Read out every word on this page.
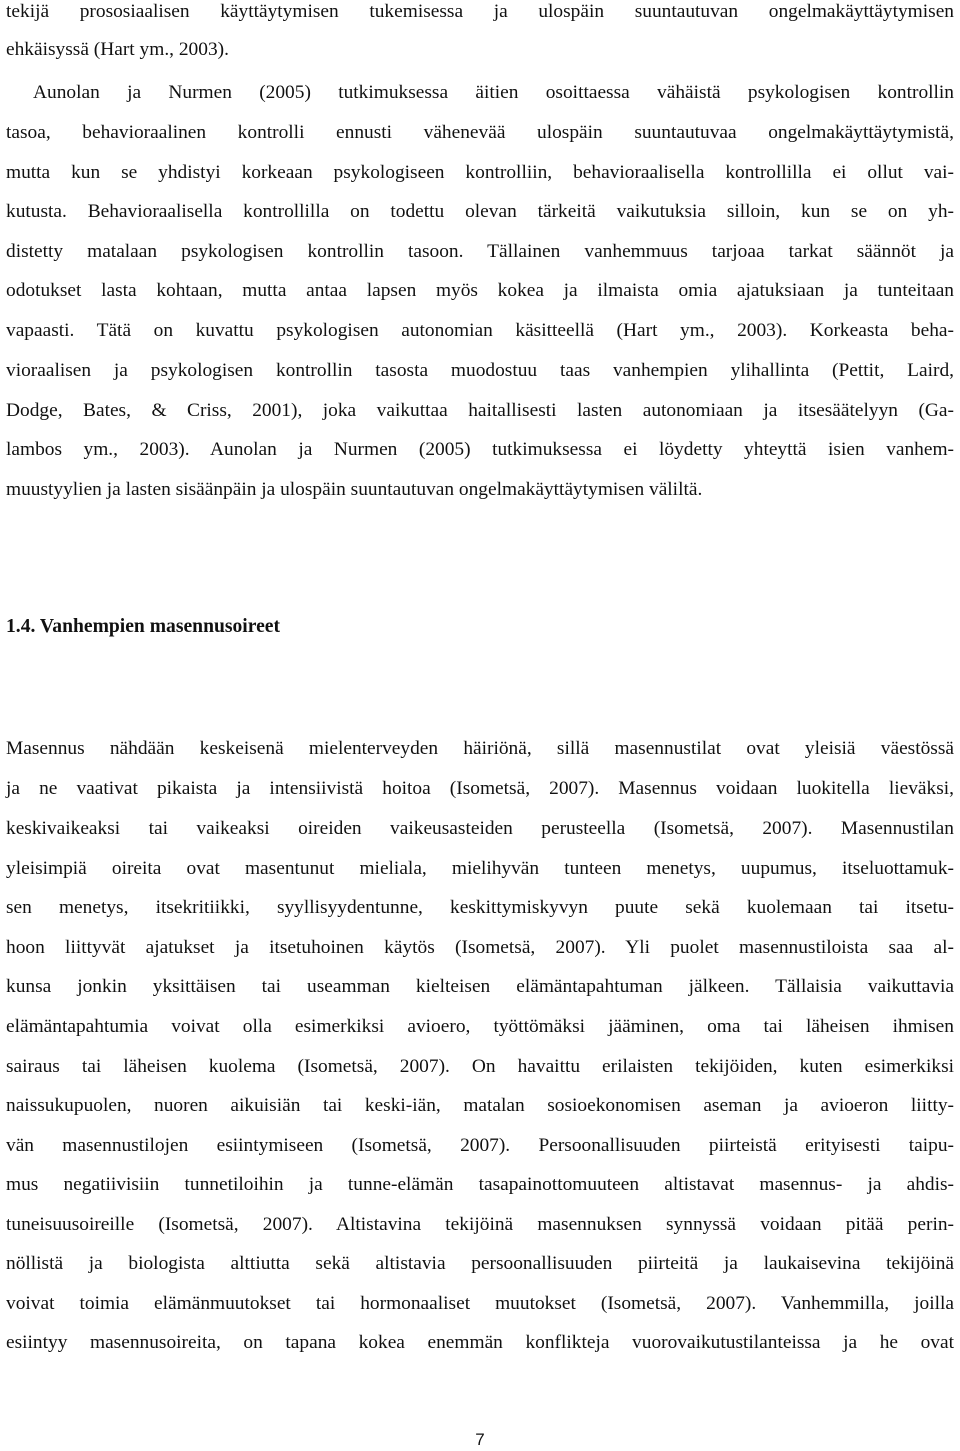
tekijä prososiaalisen käyttäytymisen tukemisessa ja ulospäin suuntautuvan ongelmakäyttäytymisen
ehkäisyssä (Hart ym., 2003).
Aunolan ja Nurmen (2005) tutkimuksessa äitien osoittaessa vähäistä psykologisen kontrollin
tasoa, behavioraalinen kontrolli ennusti vähenevää ulospäin suuntautuvaa ongelmakäyttäytymistä,
mutta kun se yhdistyi korkeaan psykologiseen kontrolliin, behavioraalisella kontrollilla ei ollut vai-
kutusta. Behavioraalisella kontrollilla on todettu olevan tärkeitä vaikutuksia silloin, kun se on yh-
distetty matalaan psykologisen kontrollin tasoon. Tällainen vanhemmuus tarjoaa tarkat säännöt ja
odotukset lasta kohtaan, mutta antaa lapsen myös kokea ja ilmaista omia ajatuksiaan ja tunteitaan
vapaasti. Tätä on kuvattu psykologisen autonomian käsitteellä (Hart ym., 2003). Korkeasta beha-
vioraalisen ja psykologisen kontrollin tasosta muodostuu taas vanhempien ylihallinta (Pettit, Laird,
Dodge, Bates, & Criss, 2001), joka vaikuttaa haitallisesti lasten autonomiaan ja itsesäätelyyn (Ga-
lambos ym., 2003). Aunolan ja Nurmen (2005) tutkimuksessa ei löydetty yhteyttä isien vanhem-
muustyylien ja lasten sisäänpäin ja ulospäin suuntautuvan ongelmakäyttäytymisen väliltä.
1.4. Vanhempien masennusoireet
Masennus nähdään keskeisenä mielenterveyden häiriönä, sillä masennustilat ovat yleisiä väestössä
ja ne vaativat pikaista ja intensiivistä hoitoa (Isometsä, 2007). Masennus voidaan luokitella lieväksi,
keskivaikeaksi tai vaikeaksi oireiden vaikeusasteiden perusteella (Isometsä, 2007). Masennustilan
yleisimpiä oireita ovat masentunut mieliala, mielihyvän tunteen menetys, uupumus, itseluottamuk-
sen menetys, itsekritiikki, syyllisyydentunne, keskittymiskyvyn puute sekä kuolemaan tai itsetu-
hoon liittyvät ajatukset ja itsetuhoinen käytös (Isometsä, 2007). Yli puolet masennustiloista saa al-
kunsa jonkin yksittäisen tai useamman kielteisen elämäntapahtuman jälkeen. Tällaisia vaikuttavia
elämäntapahtumia voivat olla esimerkiksi avioero, työttömäksi jääminen, oma tai läheisen ihmisen
sairaus tai läheisen kuolema (Isometsä, 2007). On havaittu erilaisten tekijöiden, kuten esimerkiksi
naissukupuolen, nuoren aikuisiän tai keski-iän, matalan sosioekonomisen aseman ja avioeron liitty-
vän masennustilojen esiintymiseen (Isometsä, 2007). Persoonallisuuden piirteistä erityisesti taipu-
mus negatiivisiin tunnetiloihin ja tunne-elämän tasapainottomuuteen altistavat masennus- ja ahdis-
tuneisuusoireille (Isometsä, 2007). Altistavina tekijöinä masennuksen synnyssä voidaan pitää perin-
nöllistä ja biologista alttiutta sekä altistavia persoonallisuuden piirteitä ja laukaisevina tekijöinä
voivat toimia elämänmuutokset tai hormonaaliset muutokset (Isometsä, 2007). Vanhemmilla, joilla
esiintyy masennusoireita, on tapana kokea enemmän konflikteja vuorovaikutustilanteissa ja he ovat
7
